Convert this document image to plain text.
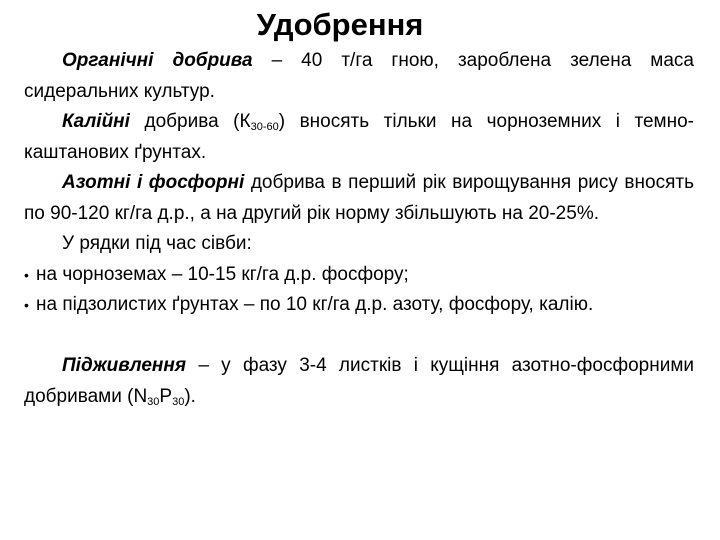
Удобрення

Органічні добрива – 40 т/га гною, зароблена зелена маса сидеральних культур.

Калійні добрива $(К_{30-60})$ вносять тільки на чорноземних і темно-каштанових ґрунтах.

Азотні і фосфорні добрива в перший рік вирощування рису вносять по 90-120 кг/га д.р., а на другий рік норму збільшують на 20-25%.

У рядки під час сівби:

• на чорноземах – 10-15 кг/га д.р. фосфору;

• на підзолистих ґрунтах – по 10 кг/га д.р. азоту, фосфору, калію.

Підживлення – у фазу 3-4 листків і кущіння азотно-фосфорними добривами $(N_{30}P_{30})$.
